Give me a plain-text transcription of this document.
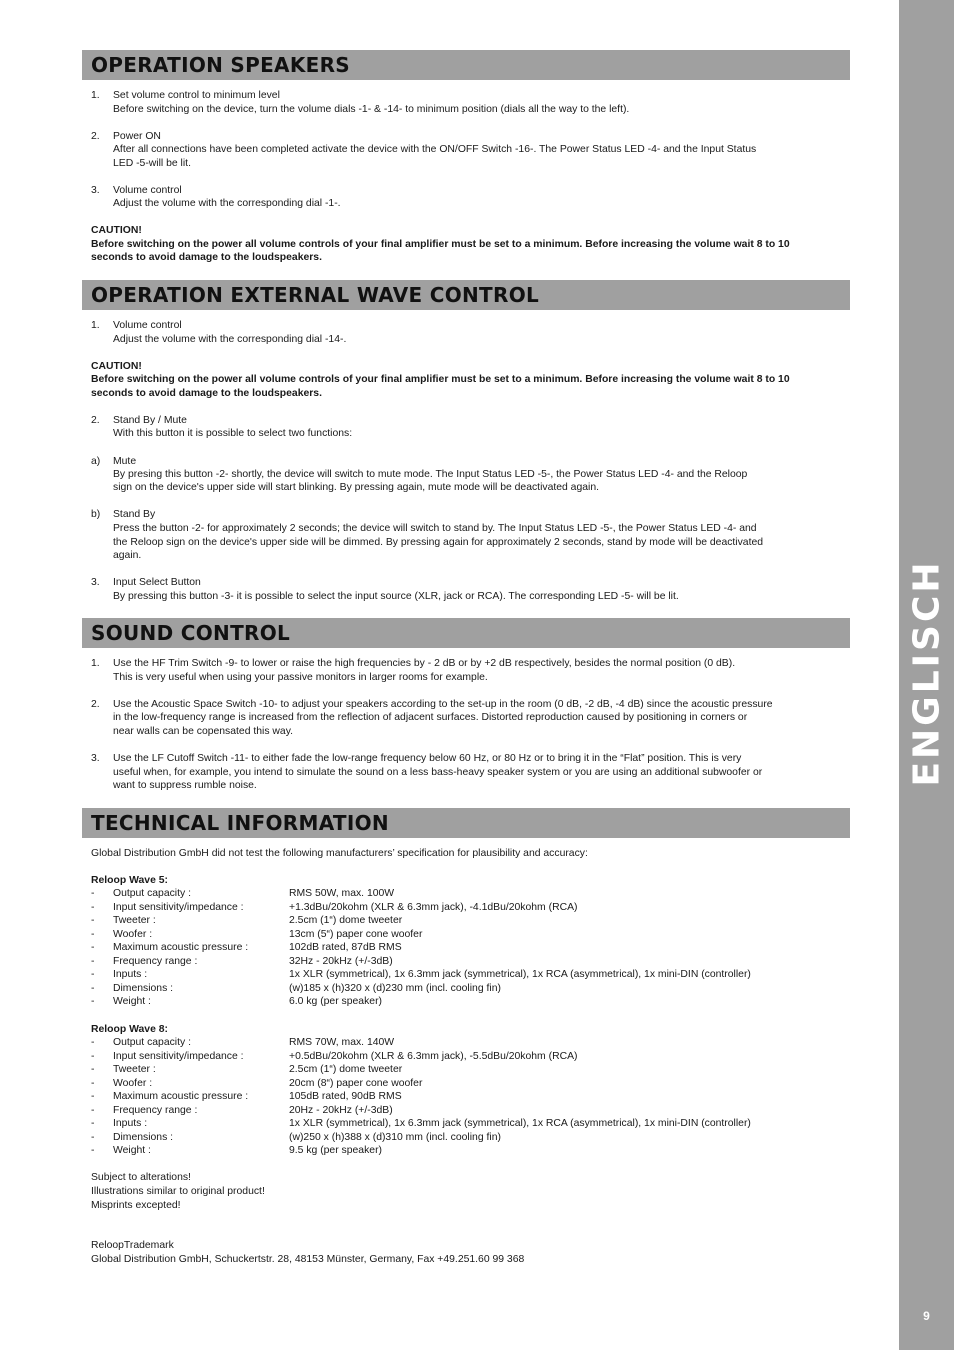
ENGLISCH
9
OPERATION SPEAKERS
1. Set volume control to minimum level
Before switching on the device, turn the volume dials -1- & -14- to minimum position (dials all the way to the left).
2. Power ON
After all connections have been completed activate the device with the ON/OFF Switch -16-. The Power Status LED -4- and the Input Status
LED -5-will be lit.
3. Volume control
Adjust the volume with the corresponding dial -1-.
CAUTION!
Before switching on the power all volume controls of your final amplifier must be set to a minimum. Before increasing the volume wait 8 to 10
seconds to avoid damage to the loudspeakers.
OPERATION EXTERNAL WAVE CONTROL
1. Volume control
Adjust the volume with the corresponding dial -14-.
CAUTION!
Before switching on the power all volume controls of your final amplifier must be set to a minimum. Before increasing the volume wait 8 to 10
seconds to avoid damage to the loudspeakers.
2. Stand By / Mute
With this button it is possible to select two functions:
a) Mute
By presing this button -2- shortly, the device will switch to mute mode. The Input Status LED -5-, the Power Status LED -4- and the Reloop
sign on the device's upper side will start blinking. By pressing again, mute mode will be deactivated again.
b) Stand By
Press the button -2- for approximately 2 seconds; the device will switch to stand by. The Input Status LED -5-, the Power Status LED -4- and
the Reloop sign on the device's upper side will be dimmed. By pressing again for approximately 2 seconds, stand by mode will be deactivated
again.
3. Input Select Button
By pressing this button -3- it is possible to select the input source (XLR, jack or RCA). The corresponding LED -5- will be lit.
SOUND CONTROL
1. Use the HF Trim Switch -9- to lower or raise the high frequencies by - 2 dB or by +2 dB respectively, besides the normal position (0 dB).
This is very useful when using your passive monitors in larger rooms for example.
2. Use the Acoustic Space Switch -10- to adjust your speakers according to the set-up in the room (0 dB, -2 dB, -4 dB) since the acoustic pressure
in the low-frequency range is increased from the reflection of adjacent surfaces. Distorted reproduction caused by positioning in corners or
near walls can be copensated this way.
3. Use the LF Cutoff Switch -11- to either fade the low-range frequency below 60 Hz, or 80 Hz or to bring it in the “Flat” position. This is very
useful when, for example, you intend to simulate the sound on a less bass-heavy speaker system or you are using an additional subwoofer or
want to suppress rumble noise.
TECHNICAL INFORMATION
Global Distribution GmbH did not test the following manufacturers’ specification for plausibility and accuracy:
Reloop Wave 5:
- Output capacity :	RMS 50W, max. 100W
- Input sensitivity/impedance :	+1.3dBu/20kohm (XLR & 6.3mm jack), -4.1dBu/20kohm (RCA)
- Tweeter :	2.5cm (1“) dome tweeter
- Woofer :	13cm (5“) paper cone woofer
- Maximum acoustic pressure :	102dB rated, 87dB RMS
- Frequency range :	32Hz - 20kHz (+/-3dB)
- Inputs :	1x XLR (symmetrical), 1x 6.3mm jack (symmetrical), 1x RCA (asymmetrical), 1x mini-DIN (controller)
- Dimensions :	(w)185 x (h)320 x (d)230 mm (incl. cooling fin)
- Weight :	6.0 kg (per speaker)
Reloop Wave 8:
- Output capacity :	RMS 70W, max. 140W
- Input sensitivity/impedance :	+0.5dBu/20kohm (XLR & 6.3mm jack), -5.5dBu/20kohm (RCA)
- Tweeter :	2.5cm (1“) dome tweeter
- Woofer :	20cm (8“) paper cone woofer
- Maximum acoustic pressure :	105dB rated, 90dB RMS
- Frequency range :	20Hz - 20kHz (+/-3dB)
- Inputs :	1x XLR (symmetrical), 1x 6.3mm jack (symmetrical), 1x RCA (asymmetrical), 1x mini-DIN (controller)
- Dimensions :	(w)250 x (h)388 x (d)310 mm (incl. cooling fin)
- Weight :	9.5 kg (per speaker)
Subject to alterations!
Illustrations similar to original product!
Misprints excepted!
ReloopTrademark
Global Distribution GmbH, Schuckertstr. 28, 48153 Münster, Germany, Fax +49.251.60 99 368
